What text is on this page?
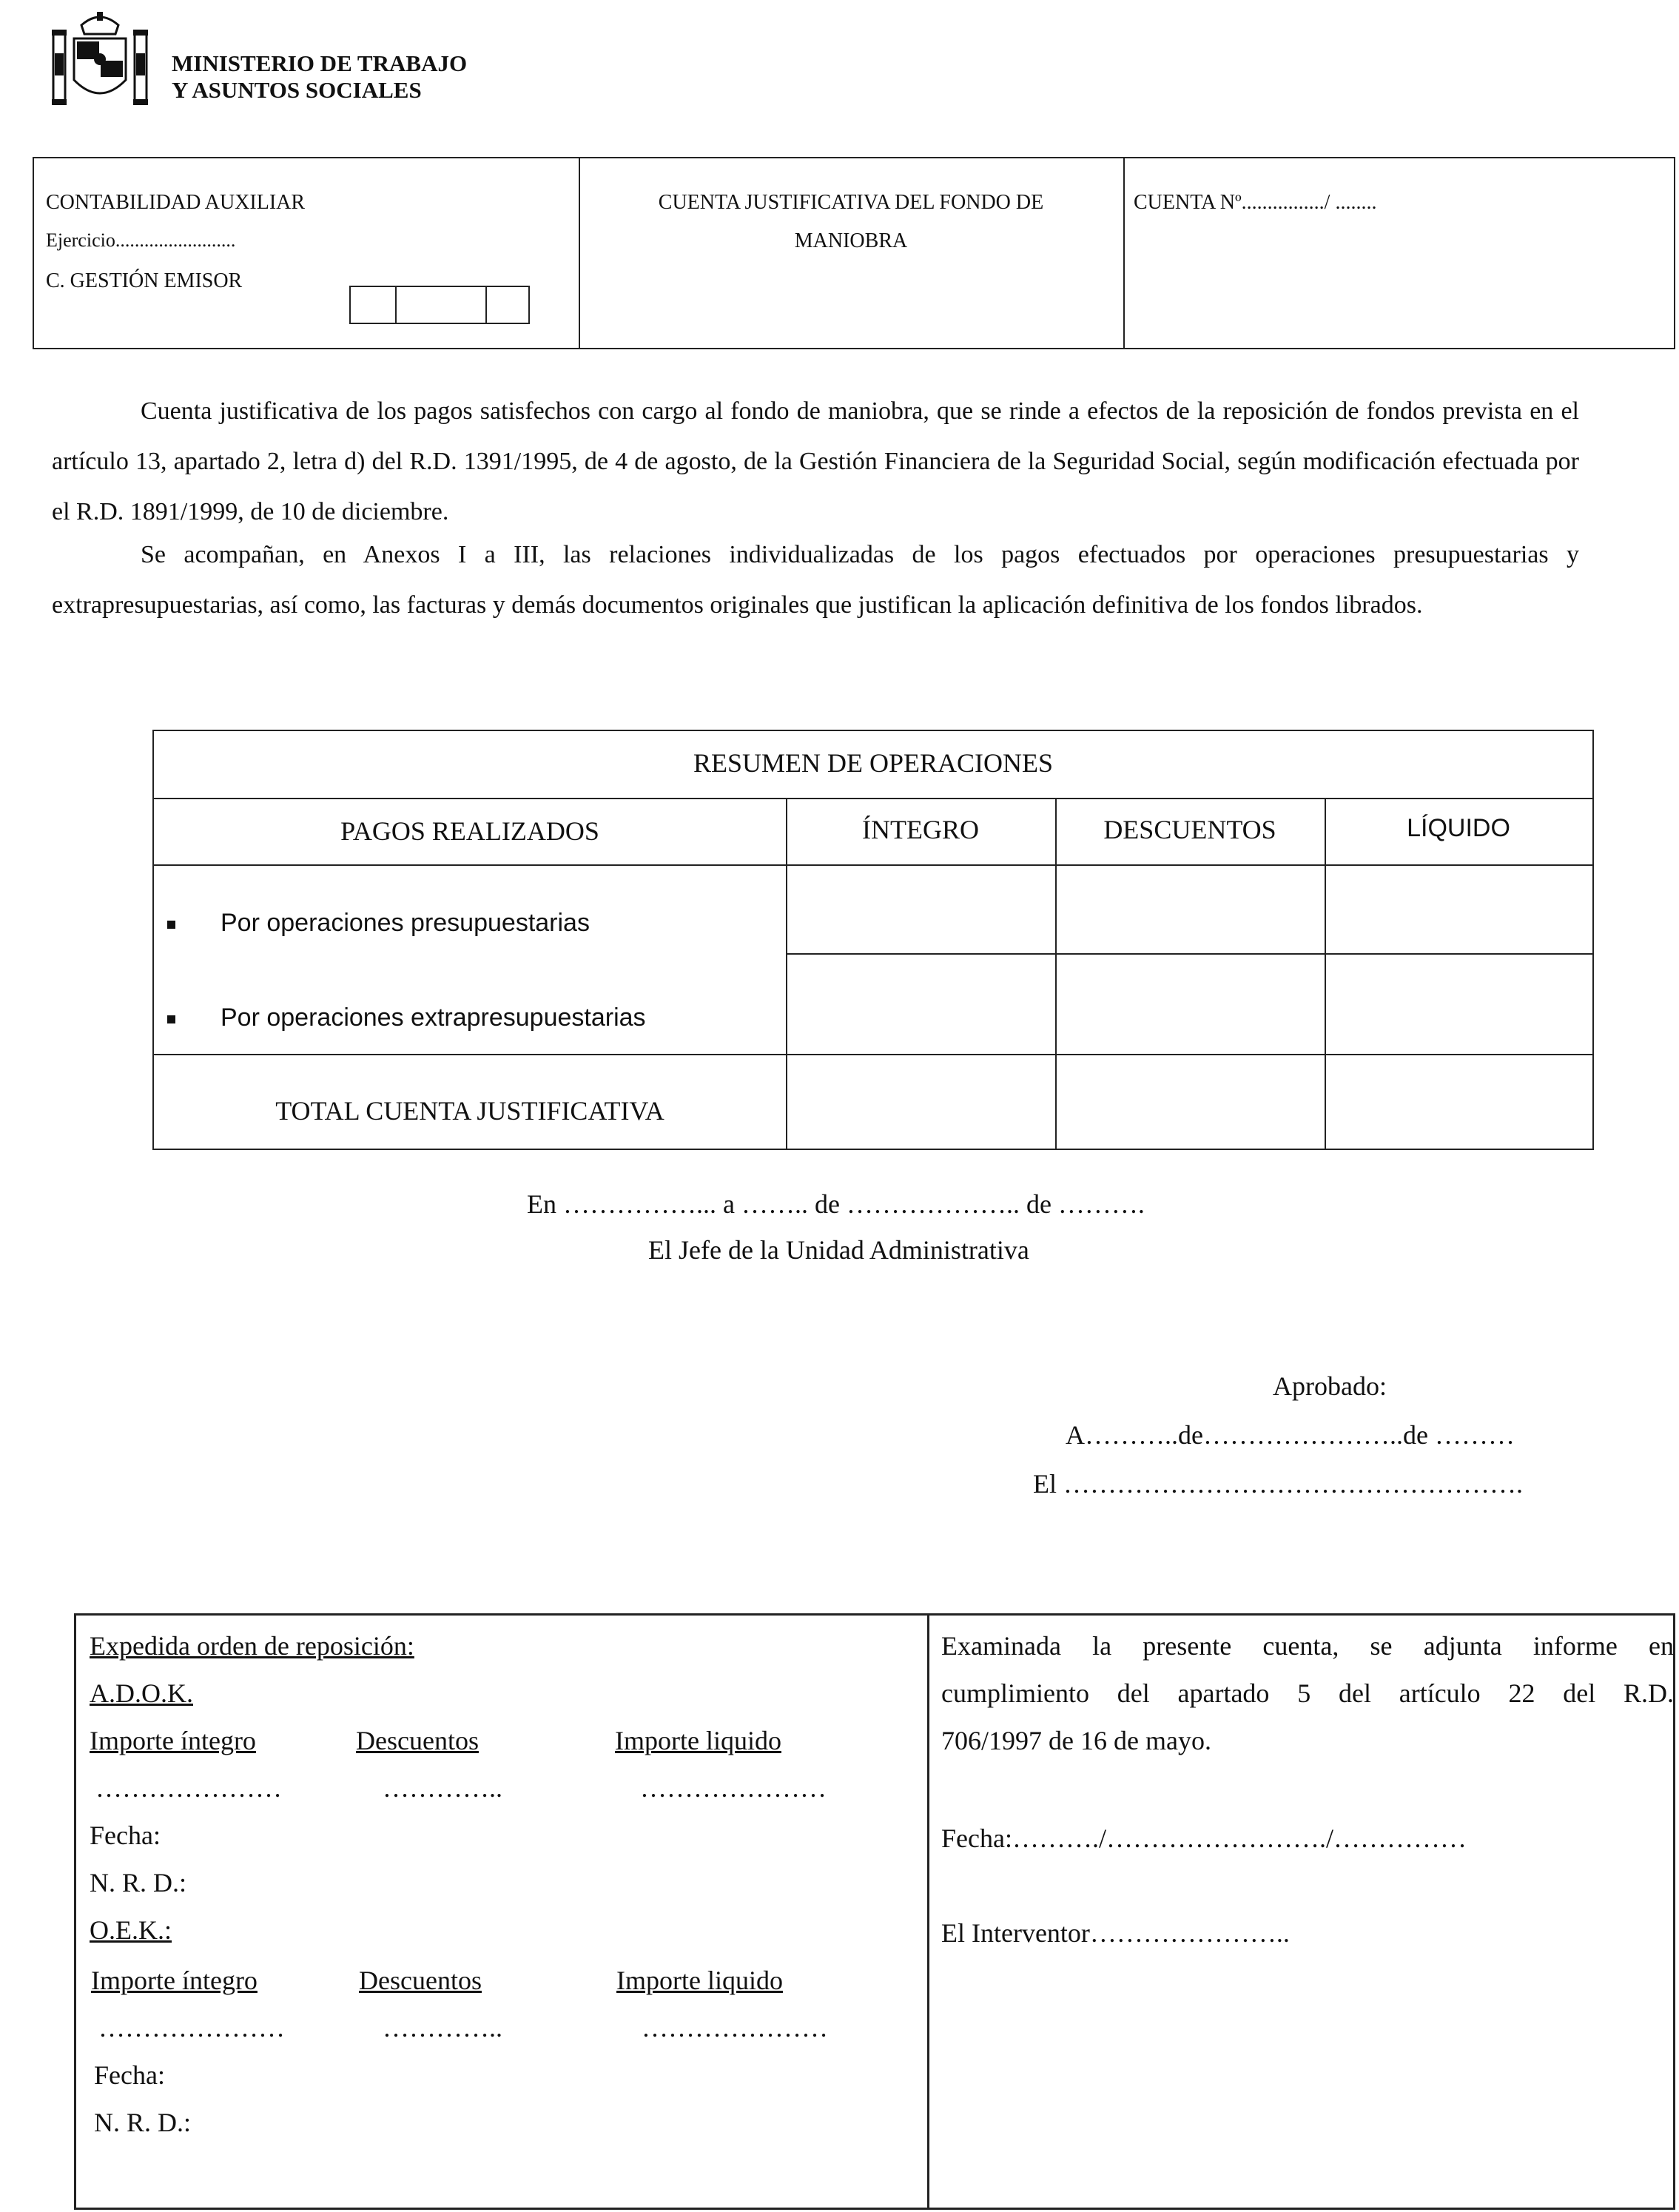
MINISTERIO DE TRABAJO
Y ASUNTOS SOCIALES
CONTABILIDAD AUXILIAR
Ejercicio.........................
C. GESTIÓN EMISOR
CUENTA JUSTIFICATIVA DEL FONDO DE
MANIOBRA
CUENTA Nº................/ ........
Cuenta justificativa de los pagos satisfechos con cargo al fondo de maniobra, que se rinde a efectos de la reposición de fondos prevista en el artículo 13, apartado 2, letra d) del R.D. 1391/1995, de 4 de agosto, de la Gestión Financiera de la Seguridad Social, según modificación efectuada por el R.D. 1891/1999, de 10 de diciembre.
Se acompañan, en Anexos I a III, las relaciones individualizadas de los pagos efectuados por operaciones presupuestarias y extrapresupuestarias, así como, las facturas y demás documentos originales que justifican la aplicación definitiva de los fondos librados.
RESUMEN DE OPERACIONES
PAGOS REALIZADOS	ÍNTEGRO	DESCUENTOS	LÍQUIDO
Por operaciones presupuestarias
Por operaciones extrapresupuestarias
TOTAL CUENTA JUSTIFICATIVA
En ……………... a …….. de ……………….. de ……….
El Jefe de la Unidad Administrativa
Aprobado:
A………..de…………………..de ………
El …………………………………………….
Expedida orden de reposición:
A.D.O.K.
Importe íntegro	Descuentos	Importe liquido
…………………	…………..	…………………
Fecha:
N. R. D.:
O.E.K.:
Importe íntegro	Descuentos	Importe liquido
…………………	…………..	…………………
Fecha:
N. R. D.:
Examinada la presente cuenta, se adjunta informe en
cumplimiento del apartado 5 del artículo 22 del R.D.
706/1997 de 16 de mayo.
Fecha:………./……………………./……………
El Interventor…………………..
